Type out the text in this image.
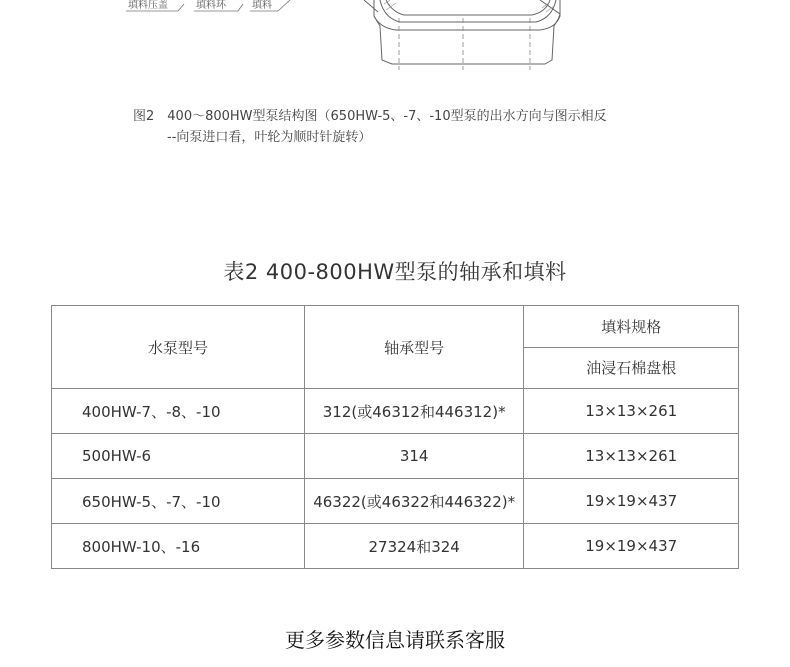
填料压盖	填料环	填料
图2　400～800HW型泵结构图（650HW-5、-7、-10型泵的出水方向与图示相反
--向泵进口看，叶轮为顺时针旋转）
表2 400-800HW型泵的轴承和填料
水泵型号	轴承型号	填料规格
		油浸石棉盘根
400HW-7、-8、-10	312(或46312和446312)*	13×13×261
500HW-6	314	13×13×261
650HW-5、-7、-10	46322(或46322和446322)*	19×19×437
800HW-10、-16	27324和324	19×19×437
更多参数信息请联系客服
